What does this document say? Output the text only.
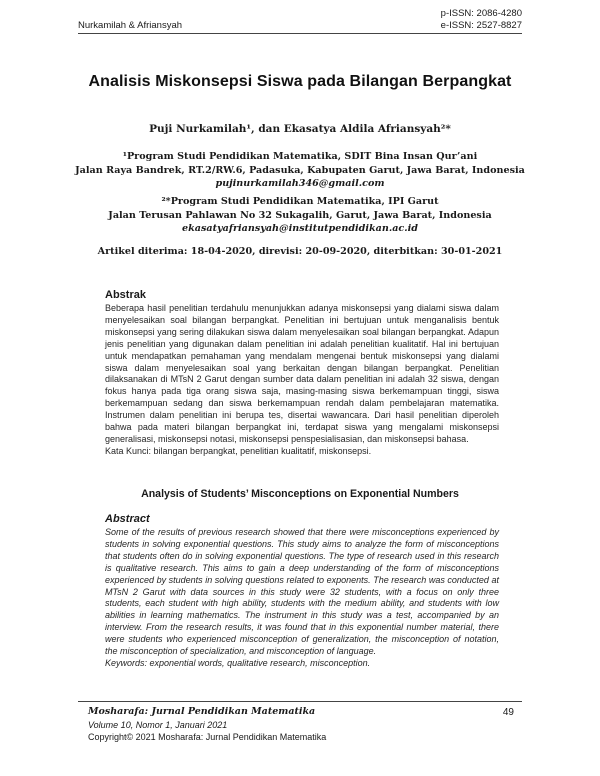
p-ISSN: 2086-4280
e-ISSN: 2527-8827
Nurkamilah & Afriansyah
Analisis Miskonsepsi Siswa pada Bilangan Berpangkat
Puji Nurkamilah¹, dan Ekasatya Aldila Afriansyah²*
¹Program Studi Pendidikan Matematika, SDIT Bina Insan Qur’ani
Jalan Raya Bandrek, RT.2/RW.6, Padasuka, Kabupaten Garut, Jawa Barat, Indonesia
pujinurkamilah346@gmail.com
²*Program Studi Pendidikan Matematika, IPI Garut
Jalan Terusan Pahlawan No 32 Sukagalih, Garut, Jawa Barat, Indonesia
ekasatyafriansyah@institutpendidikan.ac.id
Artikel diterima: 18-04-2020, direvisi: 20-09-2020, diterbitkan: 30-01-2021
Abstrak

Beberapa hasil penelitian terdahulu menunjukkan adanya miskonsepsi yang dialami siswa dalam menyelesaikan soal bilangan berpangkat. Penelitian ini bertujuan untuk menganalisis bentuk miskonsepsi yang sering dilakukan siswa dalam menyelesaikan soal bilangan berpangkat. Adapun jenis penelitian yang digunakan dalam penelitian ini adalah penelitian kualitatif. Hal ini bertujuan untuk mendapatkan pemahaman yang mendalam mengenai bentuk miskonsepsi yang dialami siswa dalam menyelesaikan soal yang berkaitan dengan bilangan berpangkat. Penelitian dilaksanakan di MTsN 2 Garut dengan sumber data dalam penelitian ini adalah 32 siswa, dengan fokus hanya pada tiga orang siswa saja, masing-masing siswa berkemampuan tinggi, siswa berkemampuan sedang dan siswa berkemampuan rendah dalam pembelajaran matematika. Instrumen dalam penelitian ini berupa tes, disertai wawancara. Dari hasil penelitian diperoleh bahwa pada materi bilangan berpangkat ini, terdapat siswa yang mengalami miskonsepsi generalisasi, miskonsepsi notasi, miskonsepsi penspesialisasian, dan miskonsepsi bahasa.

Kata Kunci: bilangan berpangkat, penelitian kualitatif, miskonsepsi.

Analysis of Students’ Misconceptions on Exponential Numbers
Abstract

Some of the results of previous research showed that there were misconceptions experienced by students in solving exponential questions. This study aims to analyze the form of misconceptions that students often do in solving exponential questions. The type of research used in this research is qualitative research. This aims to gain a deep understanding of the form of misconceptions experienced by students in solving questions related to exponents. The research was conducted at MTsN 2 Garut with data sources in this study were 32 students, with a focus on only three students, each student with high ability, students with the medium ability, and students with low abilities in learning mathematics. The instrument in this study was a test, accompanied by an interview. From the research results, it was found that in this exponential number material, there were students who experienced misconception of generalization, the misconception of notation, the misconception of specialization, and misconception of language.

Keywords: exponential words, qualitative research, misconception.

Mosharafa: Jurnal Pendidikan Matematika
Volume 10, Nomor 1, Januari 2021
Copyright© 2021 Mosharafa: Jurnal Pendidikan Matematika
49
